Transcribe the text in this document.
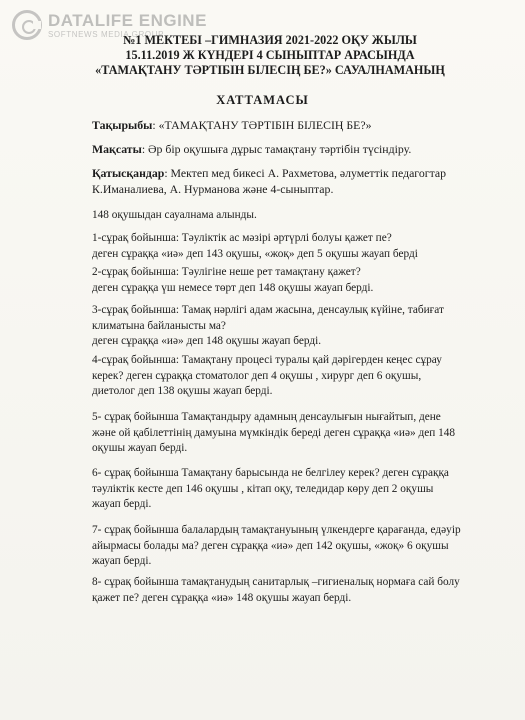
DATALIFE ENGINE
SOFTNEWS MEDIA GROUP
№1 МЕКТЕБІ –ГИМНАЗИЯ 2021-2022 ОҚУ ЖЫЛЫ
15.11.2019 Ж КҮНДЕРІ 4 СЫНЫПТАР АРАСЫНДА
«ТАМАҚТАНУ ТӘРТІБІН БІЛЕСІҢ БЕ?» САУАЛНАМАНЫҢ
ХАТТАМАСЫ
Тақырыбы: «ТАМАҚТАНУ ТӘРТІБІН БІЛЕСІҢ БЕ?»
Мақсаты: Әр бір оқушыға дұрыс тамақтану тәртібін түсіндіру.
Қатысқандар: Мектеп мед бикесі А. Рахметова, әлуметтік педагогтар
К.Иманалиева, А. Нурманова және 4-сыныптар.
148 оқушыдан сауалнама алынды.
1-сұрақ бойынша: Тәуліктік ас мәзірі әртүрлі болуы қажет пе?
деген сұраққа «иә» деп 143 оқушы, «жоқ» деп 5 оқушы жауап берді
2-сұрақ бойынша: Тәулігіне неше рет тамақтану қажет?
деген сұраққа үш немесе төрт деп 148 оқушы жауап берді.
3-сұрақ бойынша: Тамақ нәрлігі адам жасына, денсаулық күйіне, табиғат
климатына байланысты ма?
деген сұраққа «иә» деп 148 оқушы жауап берді.
4-сұрақ бойынша: Тамақтану процесі туралы қай дәрігерден кеңес сұрау
керек? деген сұраққа стоматолог деп 4 оқушы , хирург деп 6 оқушы,
диетолог деп 138 оқушы жауап берді.
5- сұрақ бойынша Тамақтандыру адамның денсаулығын нығайтып, дене
және ой қабілеттінің дамуына мүмкіндік береді деген сұраққа «иә» деп 148
оқушы жауап берді.
6- сұрақ бойынша Тамақтану барысында не белгілеу керек? деген сұраққа
тәуліктік кесте деп 146 оқушы , кітап оқу, теледидар көру деп 2 оқушы
жауап берді.
7- сұрақ бойынша балалардың тамақтануының үлкендерге қарағанда, едәуір
айырмасы болады ма? деген сұраққа «иә» деп 142 оқушы, «жоқ» 6 оқушы
жауап берді.
8- сұрақ бойынша тамақтанудың санитарлық –гигиеналық нормаға сай болу
қажет пе? деген сұраққа «иә» 148 оқушы жауап берді.
